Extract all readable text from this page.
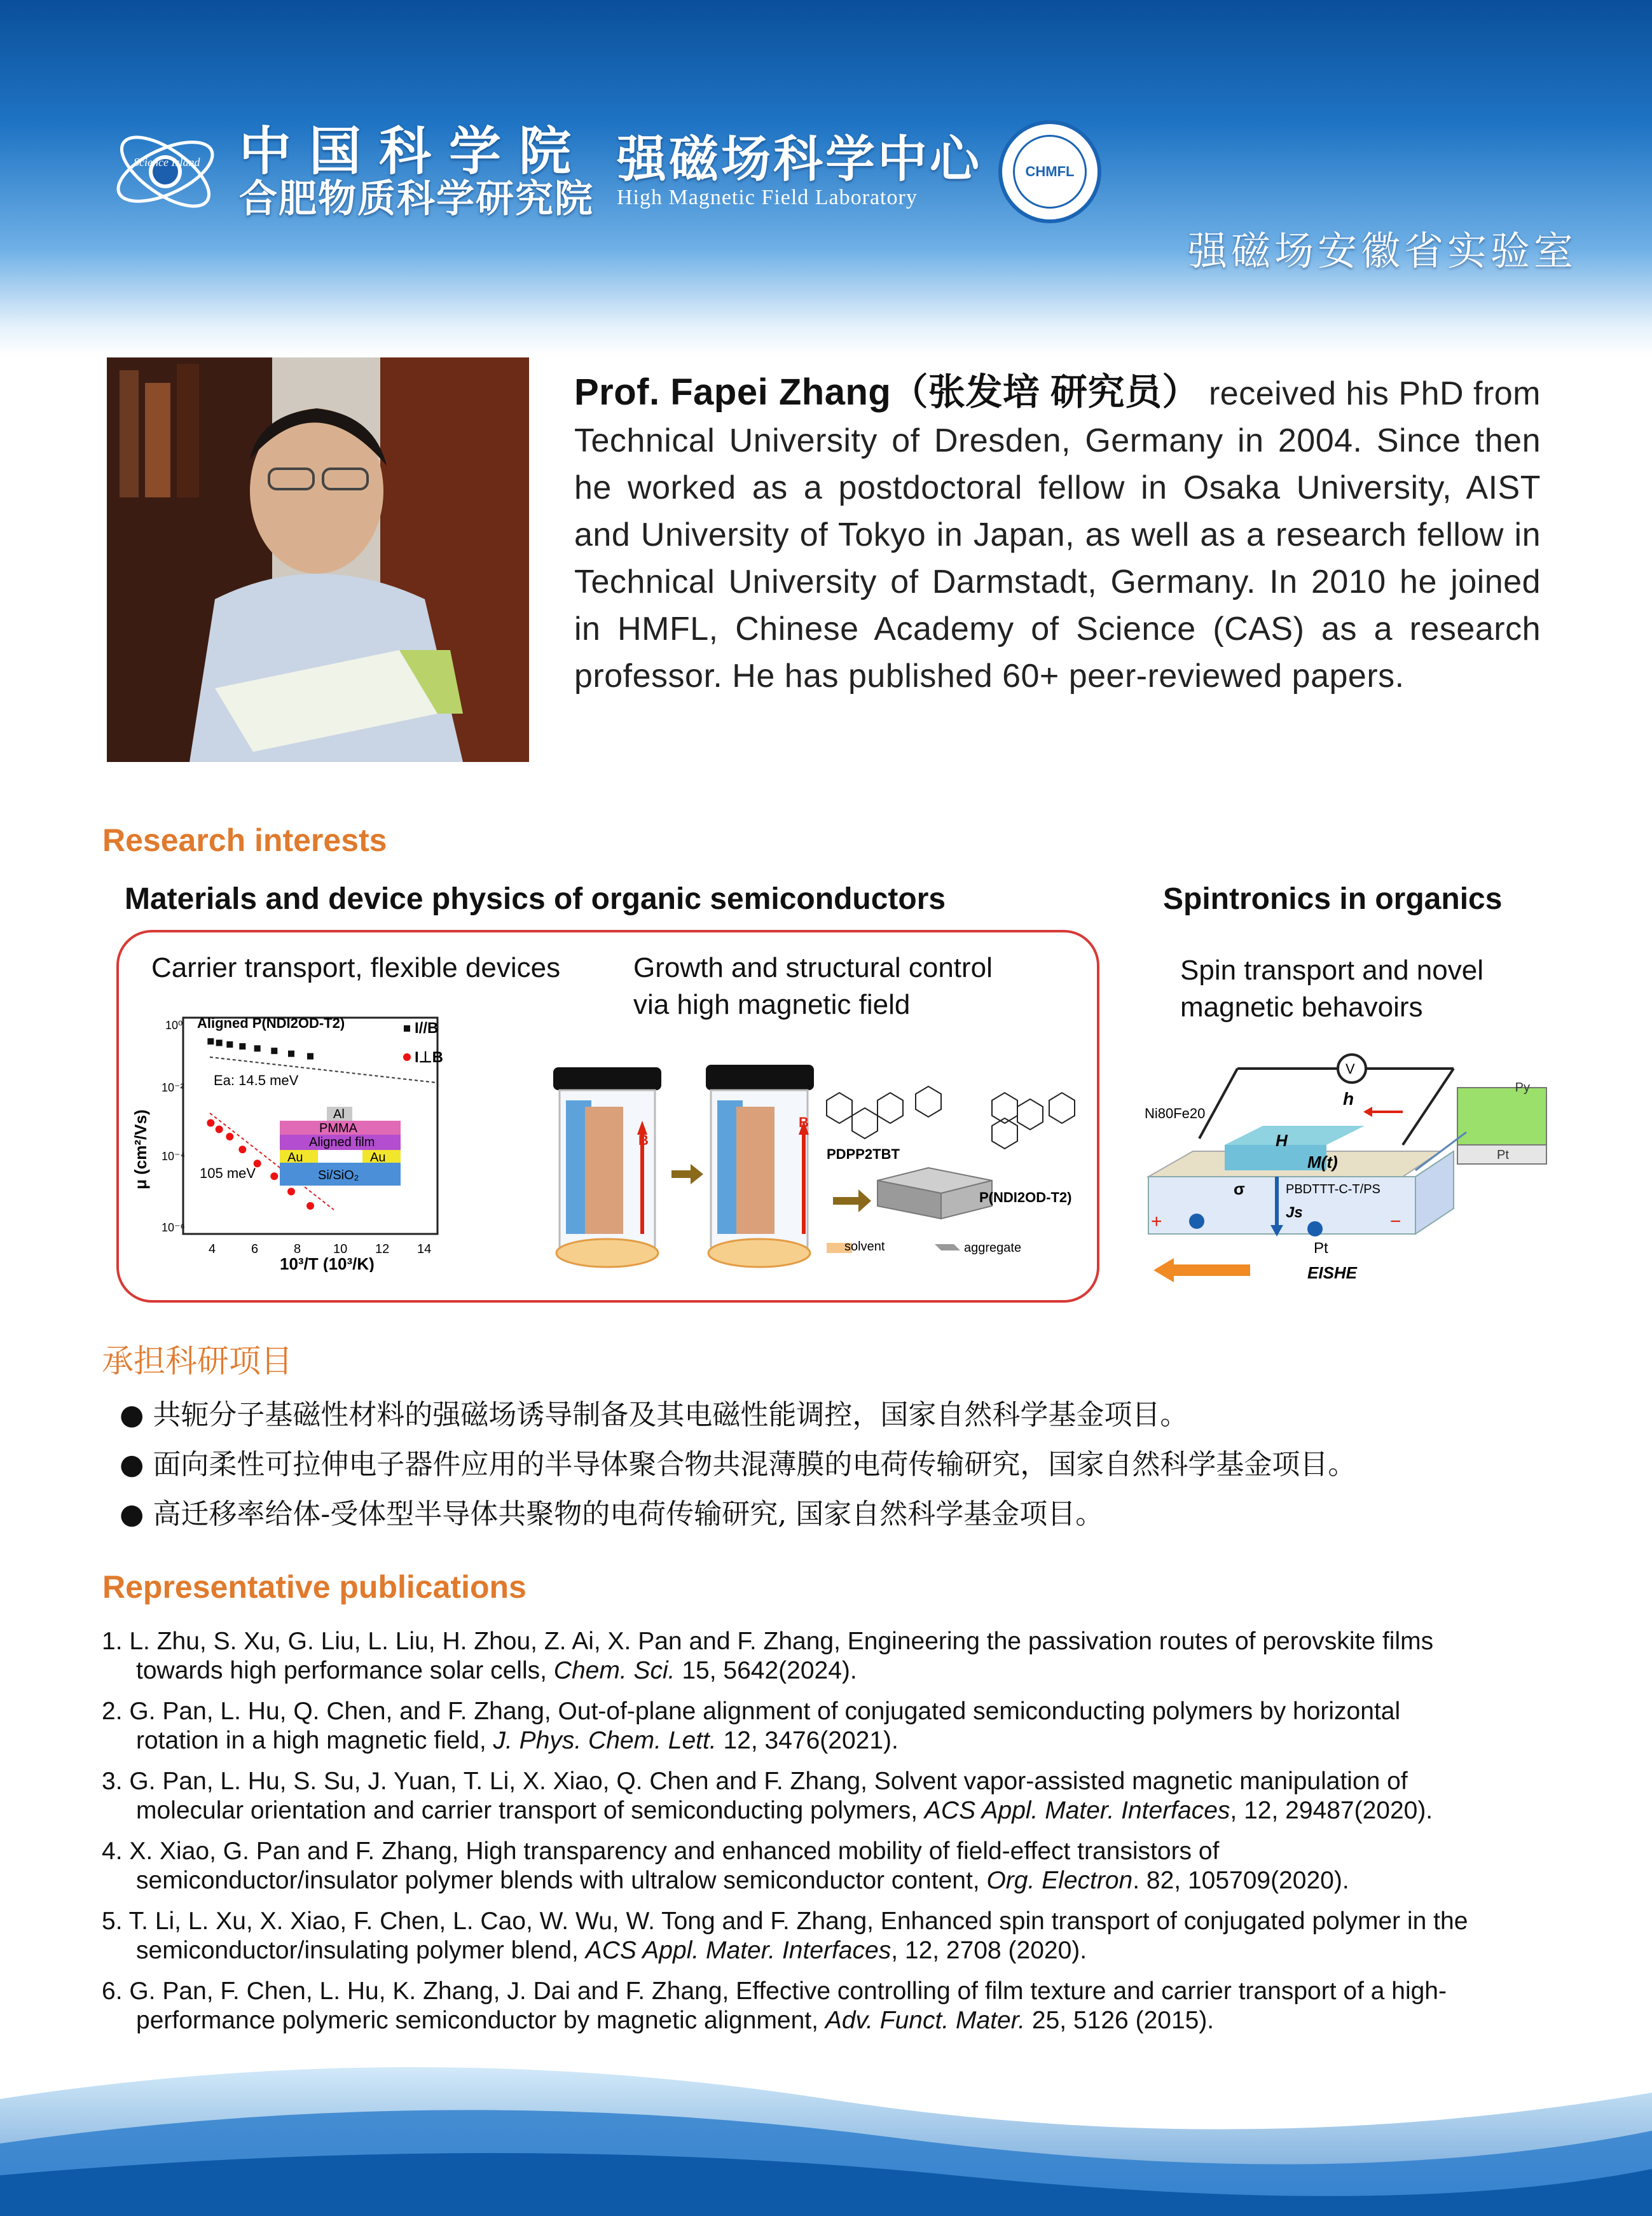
Science Island 中国科学院
合肥物质科学研究院
强磁场科学中心
High Magnetic Field Laboratory
CHMFL
强磁场安徽省实验室
Prof. Fapei Zhang（张发培 研究员） received his PhD from Technical University of Dresden, Germany in 2004. Since then he worked as a postdoctoral fellow in Osaka University, AIST and University of Tokyo in Japan, as well as a research fellow in Technical University of Darmstadt, Germany. In 2010 he joined in HMFL, Chinese Academy of Science (CAS) as a research professor. He has published 60+ peer-reviewed papers.
Research interests
Materials and device physics of organic semiconductors	Spintronics in organics
Carrier transport, flexible devices	Growth and structural control
via high magnetic field
Spin transport and novel
magnetic behavoirs
Aligned P(NDI2OD-T2)	I//B
I⊥B
Ea: 14.5 meV
105 meV
Al
PMMA
Aligned film
Au	Au
Si/SiO₂
10⁰
10⁻²
10⁻⁴
10⁻⁶
4	6	8	10 12 14
10³/T (10³/K)
μ (cm²/Vs)	B
B
PDPP2TBT
P(NDI2OD-T2)
solvent	aggregate
V
h
Ni80Fe20
H
M(t)
σ	PBDTTT-C-T/PS
Js
Pt
+	−
Py
Pt
EISHE
承担科研项目
● 共轭分子基磁性材料的强磁场诱导制备及其电磁性能调控，国家自然科学基金项目。
● 面向柔性可拉伸电子器件应用的半导体聚合物共混薄膜的电荷传输研究，国家自然科学基金项目。
● 高迁移率给体-受体型半导体共聚物的电荷传输研究, 国家自然科学基金项目。
Representative publications
1. L. Zhu, S. Xu, G. Liu, L. Liu, H. Zhou, Z. Ai, X. Pan and F. Zhang, Engineering the passivation routes of perovskite films
towards high performance solar cells, Chem. Sci. 15, 5642(2024).
2. G. Pan, L. Hu, Q. Chen, and F. Zhang, Out-of-plane alignment of conjugated semiconducting polymers by horizontal
rotation in a high magnetic field, J. Phys. Chem. Lett. 12, 3476(2021).
3. G. Pan, L. Hu, S. Su, J. Yuan, T. Li, X. Xiao, Q. Chen and F. Zhang, Solvent vapor-assisted magnetic manipulation of
molecular orientation and carrier transport of semiconducting polymers, ACS Appl. Mater. Interfaces, 12, 29487(2020).
4. X. Xiao, G. Pan and F. Zhang, High transparency and enhanced mobility of field-effect transistors of
semiconductor/insulator polymer blends with ultralow semiconductor content, Org. Electron. 82, 105709(2020).
5. T. Li, L. Xu, X. Xiao, F. Chen, L. Cao, W. Wu, W. Tong and F. Zhang, Enhanced spin transport of conjugated polymer in the
semiconductor/insulating polymer blend, ACS Appl. Mater. Interfaces, 12, 2708 (2020).
6. G. Pan, F. Chen, L. Hu, K. Zhang, J. Dai and F. Zhang, Effective controlling of film texture and carrier transport of a high-
performance polymeric semiconductor by magnetic alignment, Adv. Funct. Mater. 25, 5126 (2015).
